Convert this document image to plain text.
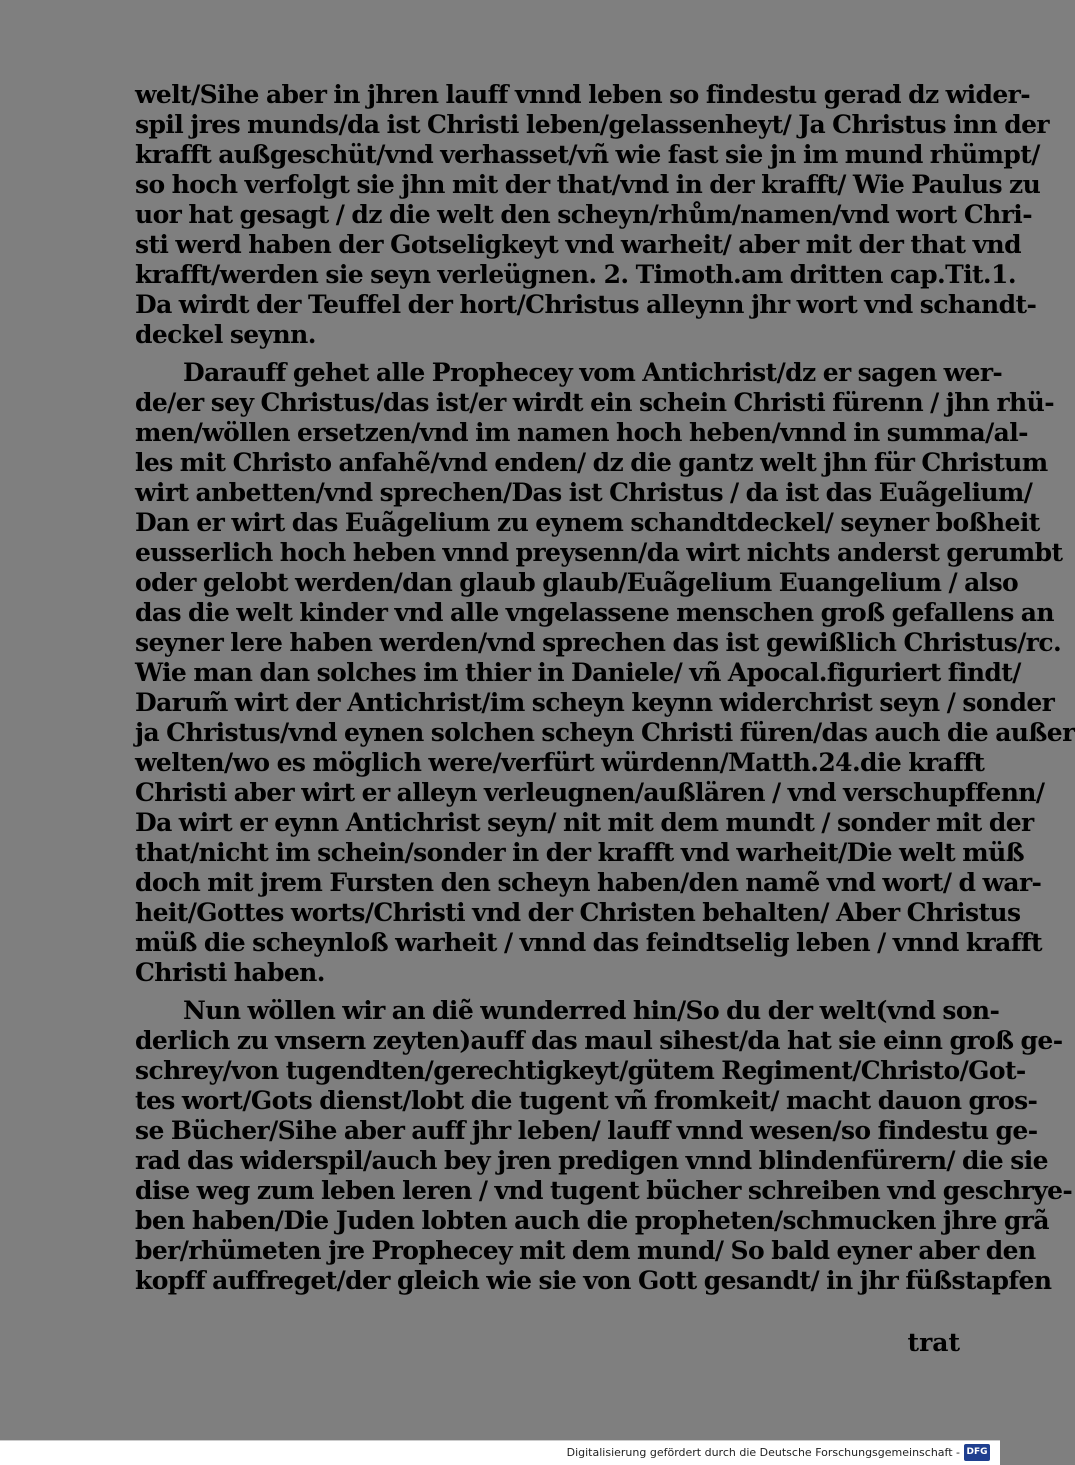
welt/Sihe aber in jhren lauff vnnd leben so findestu gerad dz wider-
spil jres munds/da ist Christi leben/gelassenheyt/ Ja Christus inn der
krafft außgeschüt/vnd verhasset/vñ wie fast sie jn im mund rhümpt/
so hoch verfolgt sie jhn mit der that/vnd in der krafft/ Wie Paulus zu
uor hat gesagt / dz die welt den scheyn/rhům/namen/vnd wort Chri-
sti werd haben der Gotseligkeyt vnd warheit/ aber mit der that vnd
krafft/werden sie seyn verleügnen. 2. Timoth.am dritten cap.Tit.1.
Da wirdt der Teuffel der hort/Christus alleynn jhr wort vnd schandt-
deckel seynn.
Darauff gehet alle Prophecey vom Antichrist/dz er sagen wer-
de/er sey Christus/das ist/er wirdt ein schein Christi fürenn / jhn rhü-
men/wöllen ersetzen/vnd im namen hoch heben/vnnd in summa/al-
les mit Christo anfahẽ/vnd enden/ dz die gantz welt jhn für Christum
wirt anbetten/vnd sprechen/Das ist Christus / da ist das Euãgelium/
Dan er wirt das Euãgelium zu eynem schandtdeckel/ seyner boßheit
eusserlich hoch heben vnnd preysenn/da wirt nichts anderst gerumbt
oder gelobt werden/dan glaub glaub/Euãgelium Euangelium / also
das die welt kinder vnd alle vngelassene menschen groß gefallens an
seyner lere haben werden/vnd sprechen das ist gewißlich Christus/rc.
Wie man dan solches im thier in Daniele/ vñ Apocal.figuriert findt/
Darum̃ wirt der Antichrist/im scheyn keynn widerchrist seyn / sonder
ja Christus/vnd eynen solchen scheyn Christi füren/das auch die außer
welten/wo es möglich were/verfürt würdenn/Matth.24.die krafft
Christi aber wirt er alleyn verleugnen/außlären / vnd verschupffenn/
Da wirt er eynn Antichrist seyn/ nit mit dem mundt / sonder mit der
that/nicht im schein/sonder in der krafft vnd warheit/Die welt müß
doch mit jrem Fursten den scheyn haben/den namẽ vnd wort/ d war-
heit/Gottes worts/Christi vnd der Christen behalten/ Aber Christus
müß die scheynloß warheit / vnnd das feindtselig leben / vnnd krafft
Christi haben.
Nun wöllen wir an diẽ wunderred hin/So du der welt(vnd son-
derlich zu vnsern zeyten)auff das maul sihest/da hat sie einn groß ge-
schrey/von tugendten/gerechtigkeyt/gütem Regiment/Christo/Got-
tes wort/Gots dienst/lobt die tugent vñ fromkeit/ macht dauon gros-
se Bücher/Sihe aber auff jhr leben/ lauff vnnd wesen/so findestu ge-
rad das widerspil/auch bey jren predigen vnnd blindenfürern/ die sie
dise weg zum leben leren / vnd tugent bücher schreiben vnd geschrye-
ben haben/Die Juden lobten auch die propheten/schmucken jhre grã
ber/rhümeten jre Prophecey mit dem mund/ So bald eyner aber den
kopff auffreget/der gleich wie sie von Gott gesandt/ in jhr füßstapfen
trat
Digitalisierung gefördert durch die Deutsche Forschungsgemeinschaft - DFG
